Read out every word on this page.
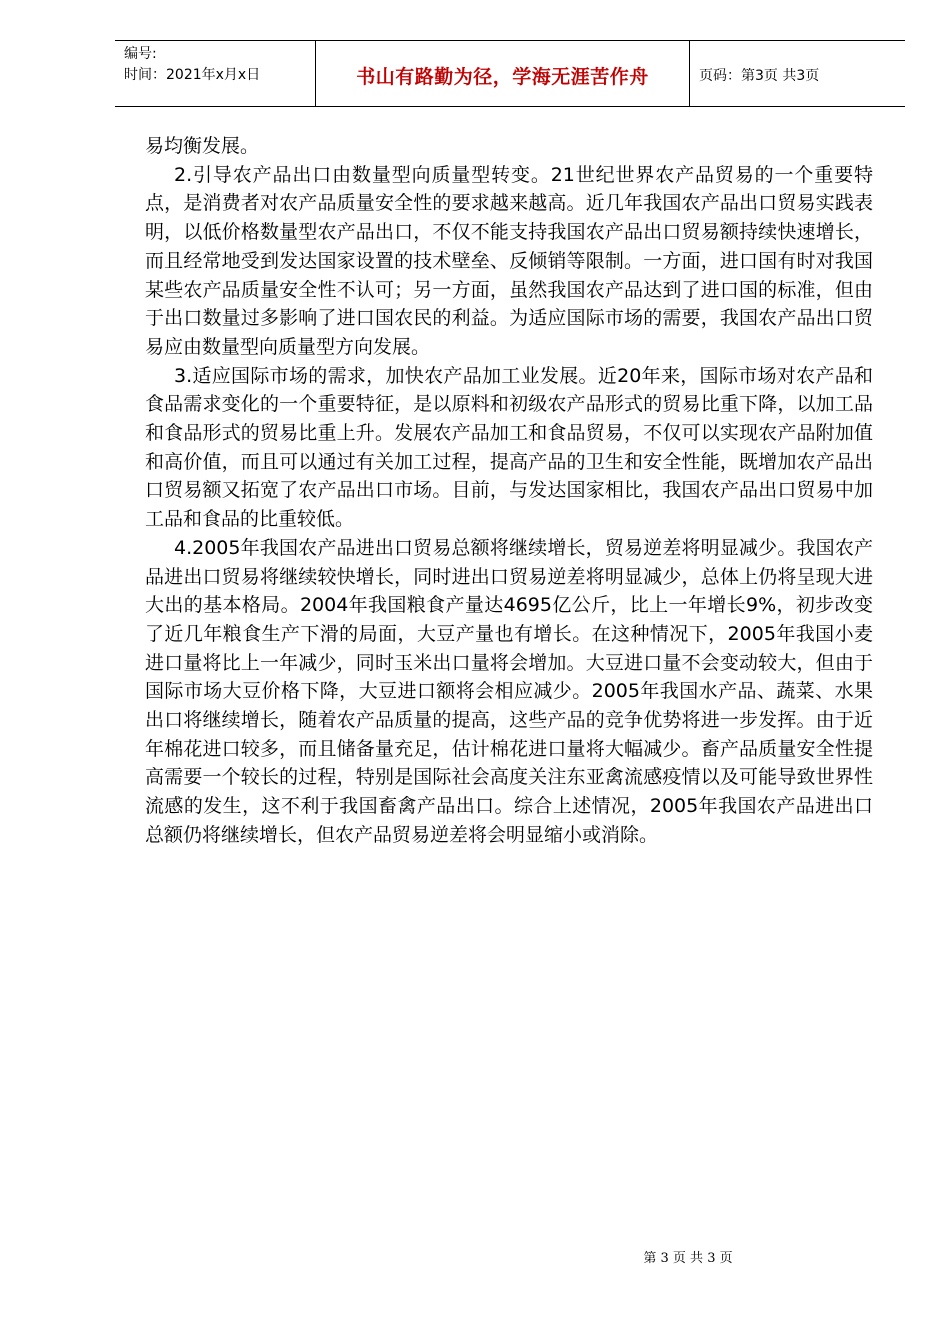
编号:
时间：2021年x月x日	书山有路勤为径，学海无涯苦作舟	页码：第3页 共3页

易均衡发展。

2.引导农产品出口由数量型向质量型转变。21世纪世界农产品贸易的一个重要特点，是消费者对农产品质量安全性的要求越来越高。近几年我国农产品出口贸易实践表明，以低价格数量型农产品出口，不仅不能支持我国农产品出口贸易额持续快速增长，而且经常地受到发达国家设置的技术壁垒、反倾销等限制。一方面，进口国有时对我国某些农产品质量安全性不认可；另一方面，虽然我国农产品达到了进口国的标准，但由于出口数量过多影响了进口国农民的利益。为适应国际市场的需要，我国农产品出口贸易应由数量型向质量型方向发展。

3.适应国际市场的需求，加快农产品加工业发展。近20年来，国际市场对农产品和食品需求变化的一个重要特征，是以原料和初级农产品形式的贸易比重下降，以加工品和食品形式的贸易比重上升。发展农产品加工和食品贸易，不仅可以实现农产品附加值和高价值，而且可以通过有关加工过程，提高产品的卫生和安全性能，既增加农产品出口贸易额又拓宽了农产品出口市场。目前，与发达国家相比，我国农产品出口贸易中加工品和食品的比重较低。

4.2005年我国农产品进出口贸易总额将继续增长，贸易逆差将明显减少。我国农产品进出口贸易将继续较快增长，同时进出口贸易逆差将明显减少，总体上仍将呈现大进大出的基本格局。2004年我国粮食产量达4695亿公斤，比上一年增长9%，初步改变了近几年粮食生产下滑的局面，大豆产量也有增长。在这种情况下，2005年我国小麦进口量将比上一年减少，同时玉米出口量将会增加。大豆进口量不会变动较大，但由于国际市场大豆价格下降，大豆进口额将会相应减少。2005年我国水产品、蔬菜、水果出口将继续增长，随着农产品质量的提高，这些产品的竞争优势将进一步发挥。由于近年棉花进口较多，而且储备量充足，估计棉花进口量将大幅减少。畜产品质量安全性提高需要一个较长的过程，特别是国际社会高度关注东亚禽流感疫情以及可能导致世界性流感的发生，这不利于我国畜禽产品出口。综合上述情况，2005年我国农产品进出口总额仍将继续增长，但农产品贸易逆差将会明显缩小或消除。

第 3 页 共 3 页
